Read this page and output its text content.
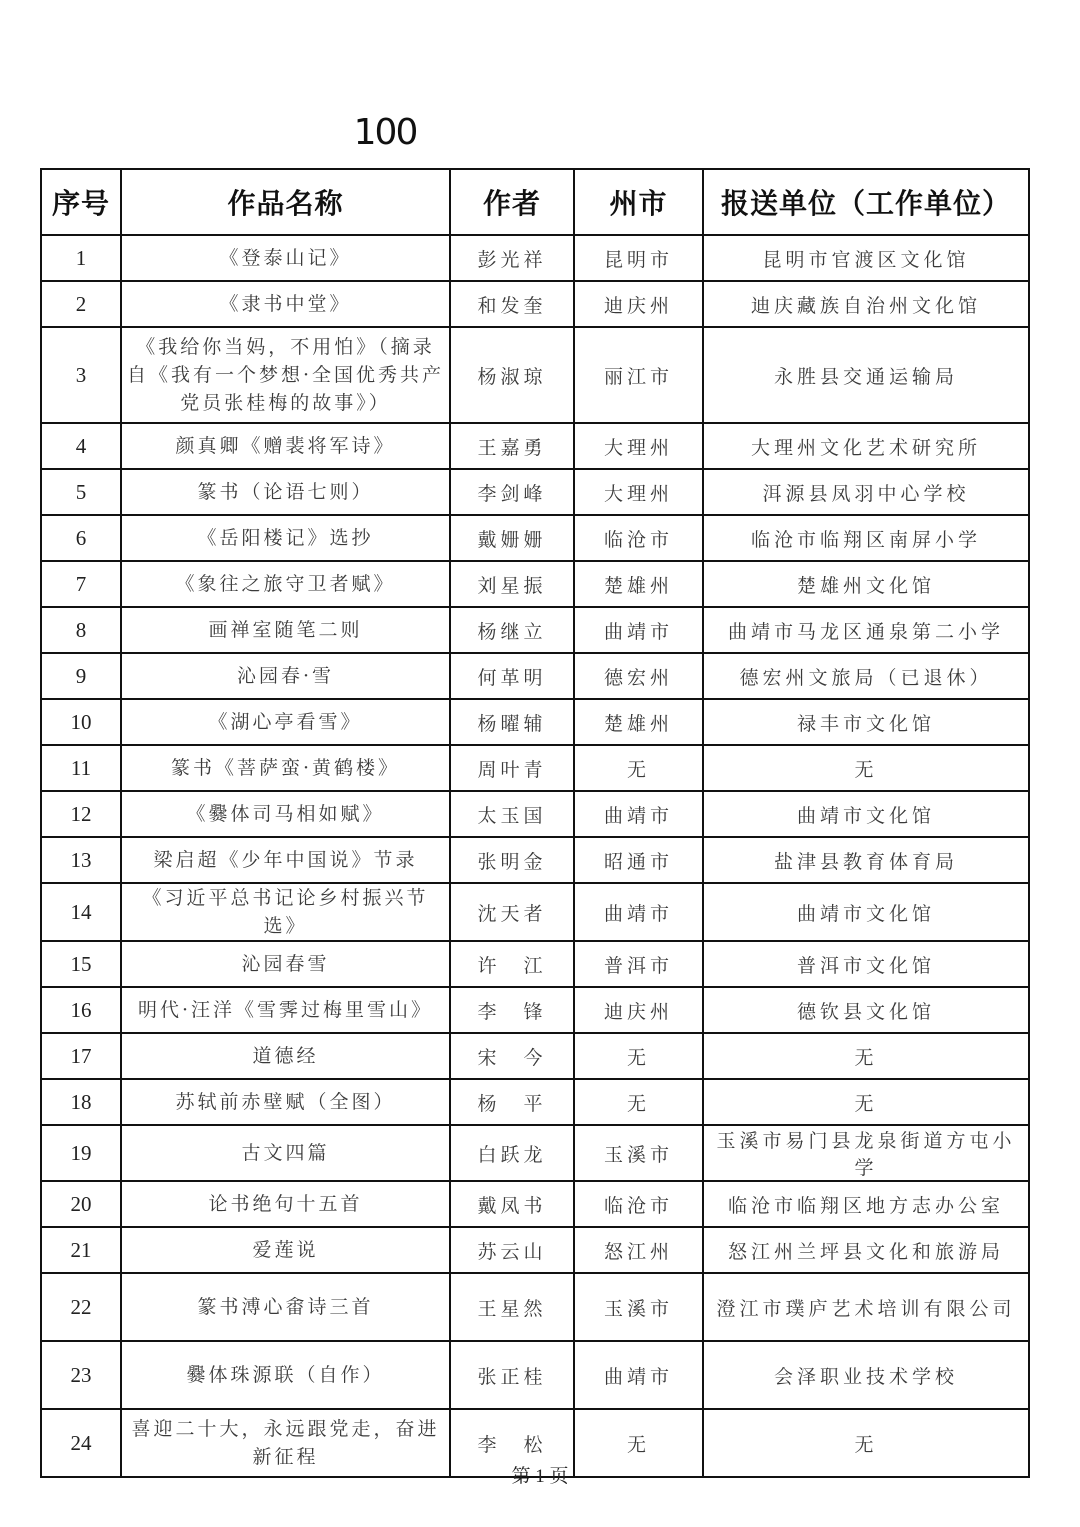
100
序号	作品名称	作者	州市	报送单位（工作单位）
1	《登泰山记》	彭光祥	昆明市	昆明市官渡区文化馆
2	《隶书中堂》	和发奎	迪庆州	迪庆藏族自治州文化馆
3	《我给你当妈，不用怕》（摘录自《我有一个梦想·全国优秀共产党员张桂梅的故事》）	杨淑琼	丽江市	永胜县交通运输局
4	颜真卿《赠裴将军诗》	王嘉勇	大理州	大理州文化艺术研究所
5	篆书（论语七则）	李剑峰	大理州	洱源县凤羽中心学校
6	《岳阳楼记》选抄	戴姗姗	临沧市	临沧市临翔区南屏小学
7	《象往之旅守卫者赋》	刘星振	楚雄州	楚雄州文化馆
8	画禅室随笔二则	杨继立	曲靖市	曲靖市马龙区通泉第二小学
9	沁园春·雪	何革明	德宏州	德宏州文旅局（已退休）
10	《湖心亭看雪》	杨曜辅	楚雄州	禄丰市文化馆
11	篆书《菩萨蛮·黄鹤楼》	周叶青	无	无
12	《爨体司马相如赋》	太玉国	曲靖市	曲靖市文化馆
13	梁启超《少年中国说》节录	张明金	昭通市	盐津县教育体育局
14	《习近平总书记论乡村振兴节选》	沈天者	曲靖市	曲靖市文化馆
15	沁园春雪	许　江	普洱市	普洱市文化馆
16	明代·汪洋《雪霁过梅里雪山》	李　锋	迪庆州	德钦县文化馆
17	道德经	宋　今	无	无
18	苏轼前赤壁赋（全图）	杨　平	无	无
19	古文四篇	白跃龙	玉溪市	玉溪市易门县龙泉街道方屯小学
20	论书绝句十五首	戴凤书	临沧市	临沧市临翔区地方志办公室
21	爱莲说	苏云山	怒江州	怒江州兰坪县文化和旅游局
22	篆书溥心畬诗三首	王星然	玉溪市	澄江市璞庐艺术培训有限公司
23	爨体珠源联（自作）	张正桂	曲靖市	会泽职业技术学校
24	喜迎二十大，永远跟党走，奋进新征程	李　松	无	无
第 1 页
